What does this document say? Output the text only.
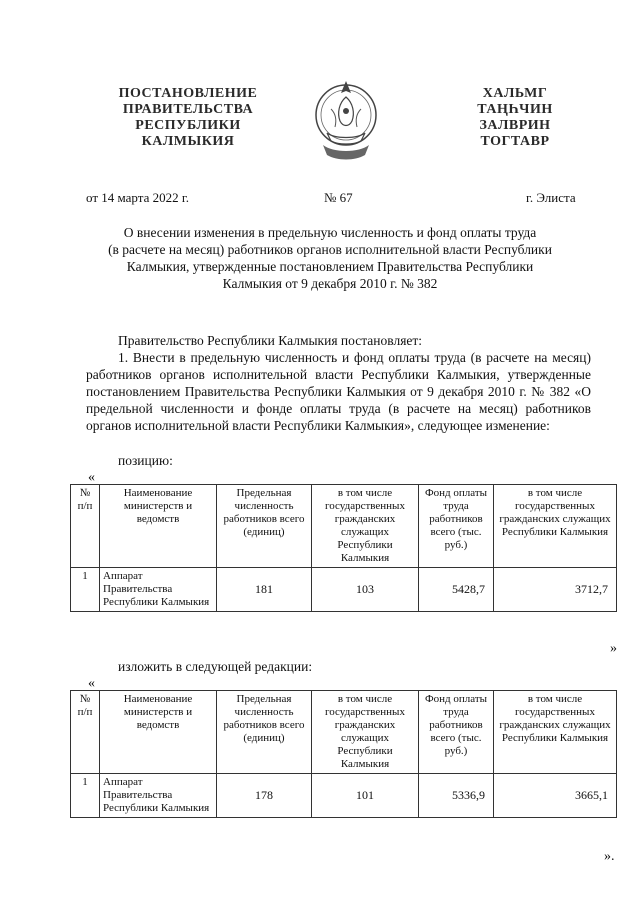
ПОСТАНОВЛЕНИЕ
ПРАВИТЕЛЬСТВА
РЕСПУБЛИКИ
КАЛМЫКИЯ
ХАЛЬМГ
ТАҢҺЧИН
ЗАЛВРИН
ТОГТАВР
от 14 марта 2022 г.	№ 67	г. Элиста
О внесении изменения в предельную численность и фонд оплаты труда
(в расчете на месяц) работников органов исполнительной власти Республики
Калмыкия, утвержденные постановлением Правительства Республики
Калмыкия от 9 декабря 2010 г. № 382

Правительство Республики Калмыкия постановляет:

1. Внести в предельную численность и фонд оплаты труда (в расчете на месяц) работников органов исполнительной власти Республики Калмыкия, утвержденные постановлением Правительства Республики Калмыкия от 9 декабря 2010 г. № 382 «О предельной численности и фонде оплаты труда (в расчете на месяц) работников органов исполнительной власти Республики Калмыкия», следующее изменение:

«
позицию:
№ п/п	Наименование министерств и ведомств	Предельная численность работников всего (единиц)	в том числе государственных гражданских служащих Республики Калмыкия	Фонд оплаты труда работников всего (тыс. руб.)	в том числе государственных гражданских служащих Республики Калмыкия
1	Аппарат Правительства Республики Калмыкия	181	103	5428,7	3712,7
»
изложить в следующей редакции:
«
№ п/п	Наименование министерств и ведомств	Предельная численность работников всего (единиц)	в том числе государственных гражданских служащих Республики Калмыкия	Фонд оплаты труда работников всего (тыс. руб.)	в том числе государственных гражданских служащих Республики Калмыкия
1	Аппарат Правительства Республики Калмыкия	178	101	5336,9	3665,1
».
